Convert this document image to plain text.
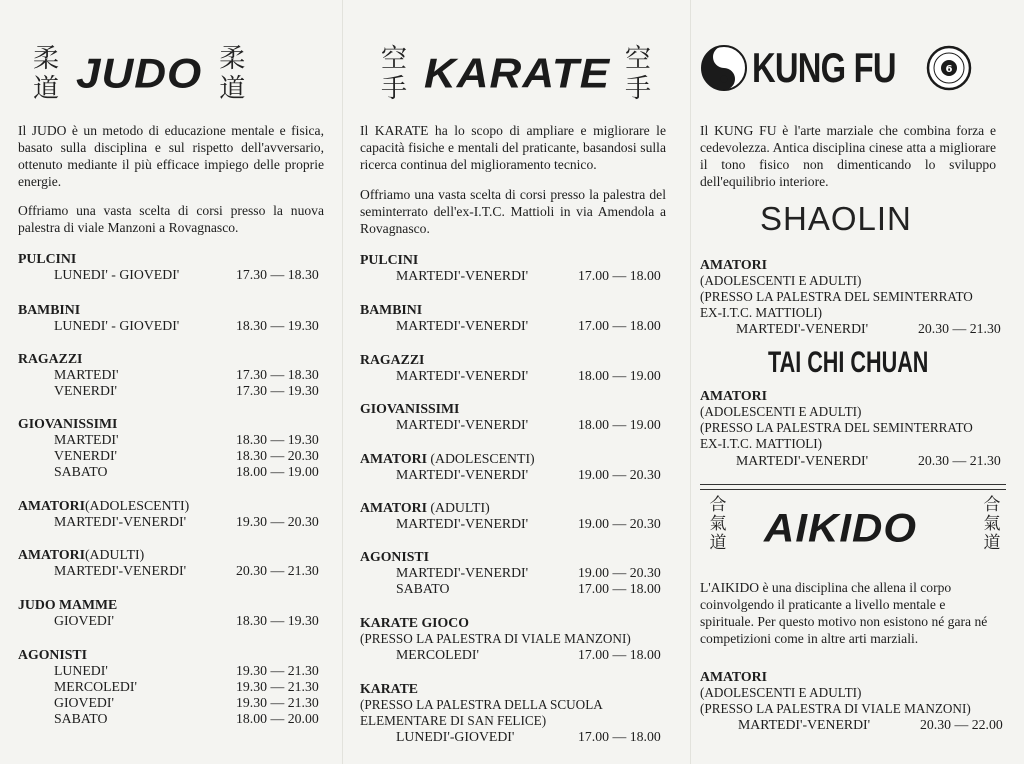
柔
道 JUDO 柔
道

Il JUDO è un metodo di educazione mentale e fisica, basato sulla disciplina e sul rispetto dell'avversario, ottenuto mediante il più efficace impiego delle proprie energie.

Offriamo una vasta scelta di corsi presso la nuova palestra di viale Manzoni a Rovagnasco.

PULCINI
LUNEDI' - GIOVEDI'	17.30 — 18.30
BAMBINI
LUNEDI' - GIOVEDI'	18.30 — 19.30
RAGAZZI
MARTEDI'	17.30 — 18.30
VENERDI'	17.30 — 19.30
GIOVANISSIMI
MARTEDI'	18.30 — 19.30
VENERDI'	18.30 — 20.30
SABATO	18.00 — 19.00
AMATORI(ADOLESCENTI)
MARTEDI'-VENERDI'	19.30 — 20.30
AMATORI(ADULTI)
MARTEDI'-VENERDI'	20.30 — 21.30
JUDO MAMME
GIOVEDI'	18.30 — 19.30
AGONISTI
LUNEDI'	19.30 — 21.30
MERCOLEDI'	19.30 — 21.30
GIOVEDI'	19.30 — 21.30
SABATO	18.00 — 20.00
空
手 KARATE 空
手

Il KARATE ha lo scopo di ampliare e migliorare le capacità fisiche e mentali del praticante, basandosi sulla ricerca continua del miglioramento tecnico.

Offriamo una vasta scelta di corsi presso la palestra del seminterrato dell'ex-I.T.C. Mattioli in via Amendola a Rovagnasco.

PULCINI
MARTEDI'-VENERDI'	17.00 — 18.00
BAMBINI
MARTEDI'-VENERDI'	17.00 — 18.00
RAGAZZI
MARTEDI'-VENERDI'	18.00 — 19.00
GIOVANISSIMI
MARTEDI'-VENERDI'	18.00 — 19.00
AMATORI (ADOLESCENTI)
MARTEDI'-VENERDI'	19.00 — 20.30
AMATORI (ADULTI)
MARTEDI'-VENERDI'	19.00 — 20.30
AGONISTI
MARTEDI'-VENERDI'	19.00 — 20.30
SABATO	17.00 — 18.00
KARATE GIOCO
(PRESSO LA PALESTRA DI VIALE MANZONI)
MERCOLEDI'	17.00 — 18.00
KARATE
(PRESSO LA PALESTRA DELLA SCUOLA
ELEMENTARE DI SAN FELICE)
LUNEDI'-GIOVEDI'	17.00 — 18.00
KUNG FU	6

Il KUNG FU è l'arte marziale che combina forza e cedevolezza. Antica disciplina cinese atta a migliorare il tono fisico non dimenticando lo sviluppo dell'equilibrio interiore.

SHAOLIN
AMATORI
(ADOLESCENTI E ADULTI)
(PRESSO LA PALESTRA DEL SEMINTERRATO
EX-I.T.C. MATTIOLI)
MARTEDI'-VENERDI'	20.30 — 21.30
TAI CHI CHUAN
AMATORI
(ADOLESCENTI E ADULTI)
(PRESSO LA PALESTRA DEL SEMINTERRATO
EX-I.T.C. MATTIOLI)
MARTEDI'-VENERDI'	20.30 — 21.30
合
氣
道 AIKIDO
合
氣
道

L'AIKIDO è una disciplina che allena il corpo coinvolgendo il praticante a livello mentale e spirituale. Per questo motivo non esistono né gara né competizioni come in altre arti marziali.

AMATORI
(ADOLESCENTI E ADULTI)
(PRESSO LA PALESTRA DI VIALE MANZONI)
MARTEDI'-VENERDI'	20.30 — 22.00
